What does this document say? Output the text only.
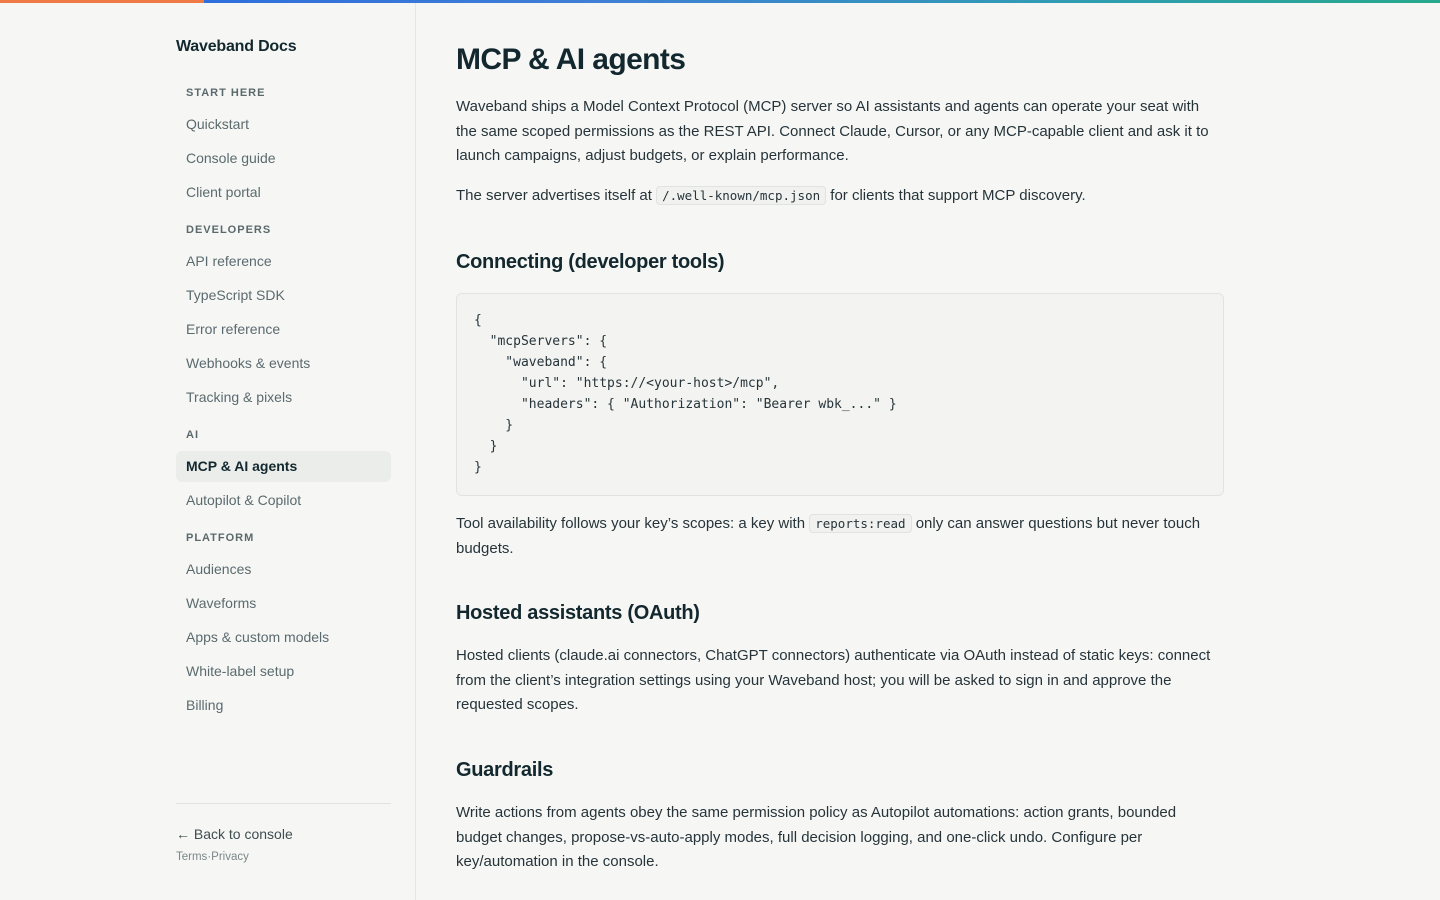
Waveband Docs
START HERE
Quickstart
Console guide
Client portal
DEVELOPERS
API reference
TypeScript SDK
Error reference
Webhooks & events
Tracking & pixels
AI
MCP & AI agents
Autopilot & Copilot
PLATFORM
Audiences
Waveforms
Apps & custom models
White-label setup
Billing
← Back to console
Terms·Privacy
MCP & AI agents

Waveband ships a Model Context Protocol (MCP) server so AI assistants and agents can operate your seat with the same scoped permissions as the REST API. Connect Claude, Cursor, or any MCP-capable client and ask it to launch campaigns, adjust budgets, or explain performance.

The server advertises itself at /.well-known/mcp.json for clients that support MCP discovery.

Connecting (developer tools)
{
"mcpServers": {
"waveband": {
"url": "https://<your-host>/mcp",
"headers": { "Authorization": "Bearer wbk_..." }
}
}
}

Tool availability follows your key’s scopes: a key with reports:read only can answer questions but never touch budgets.

Hosted assistants (OAuth)

Hosted clients (claude.ai connectors, ChatGPT connectors) authenticate via OAuth instead of static keys: connect from the client’s integration settings using your Waveband host; you will be asked to sign in and approve the requested scopes.

Guardrails

Write actions from agents obey the same permission policy as Autopilot automations: action grants, bounded budget changes, propose-vs-auto-apply modes, full decision logging, and one-click undo. Configure per key/automation in the console.
